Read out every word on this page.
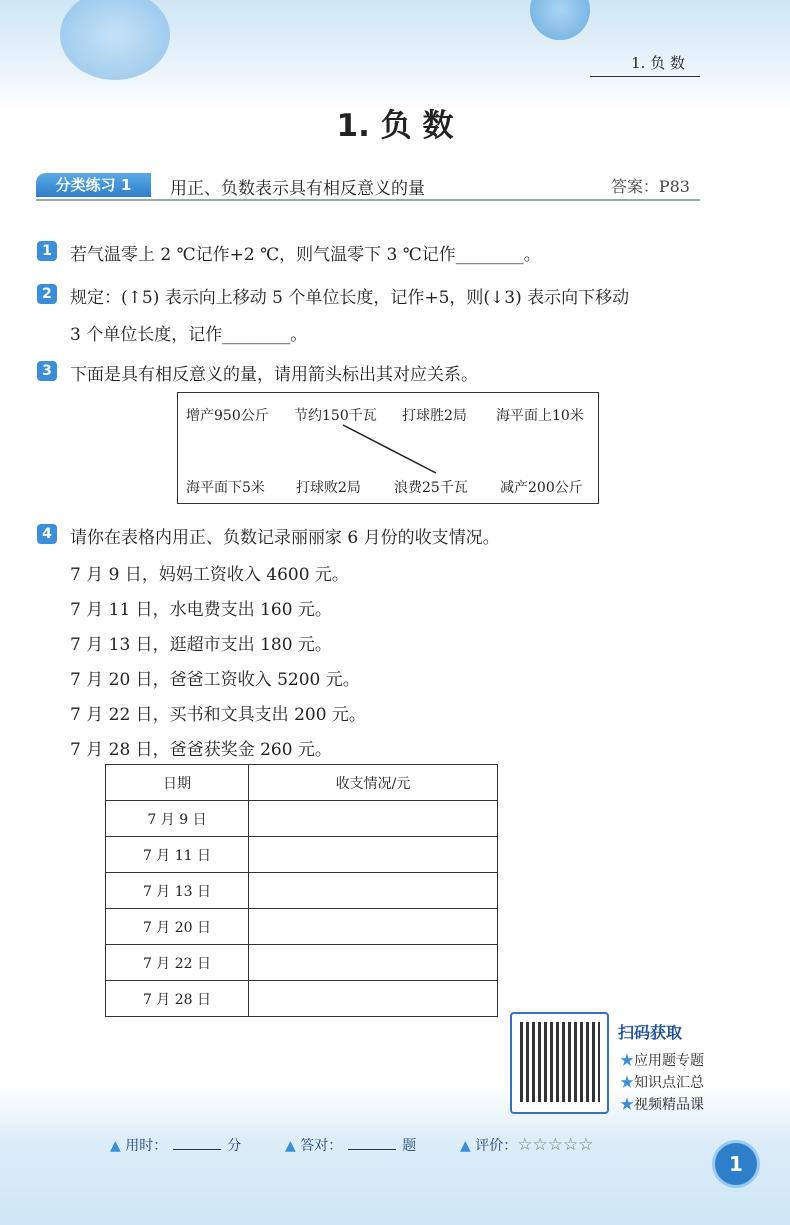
1. 负 数
1. 负 数
分类练习 1	用正、负数表示具有相反意义的量	答案：P83
1	若气温零上 2 ℃记作+2 ℃，则气温零下 3 ℃记作________。
2	规定：(↑5) 表示向上移动 5 个单位长度，记作+5，则(↓3) 表示向下移动
3 个单位长度，记作________。
3	下面是具有相反意义的量，请用箭头标出其对应关系。
增产950公斤 节约150千瓦 打球胜2局 海平面上10米
海平面下5米 打球败2局 浪费25千瓦 减产200公斤
4	请你在表格内用正、负数记录丽丽家 6 月份的收支情况。
7 月 9 日，妈妈工资收入 4600 元。
7 月 11 日，水电费支出 160 元。
7 月 13 日，逛超市支出 180 元。
7 月 20 日，爸爸工资收入 5200 元。
7 月 22 日，买书和文具支出 200 元。
7 月 28 日，爸爸获奖金 260 元。
日期	收支情况/元
7 月 9 日	
7 月 11 日	
7 月 13 日	
7 月 20 日	
7 月 22 日	
7 月 28 日	
扫码获取
★应用题专题
★知识点汇总
★视频精品课
▲ 用时：	分	▲ 答对：	题	▲ 评价：☆☆☆☆☆
1
